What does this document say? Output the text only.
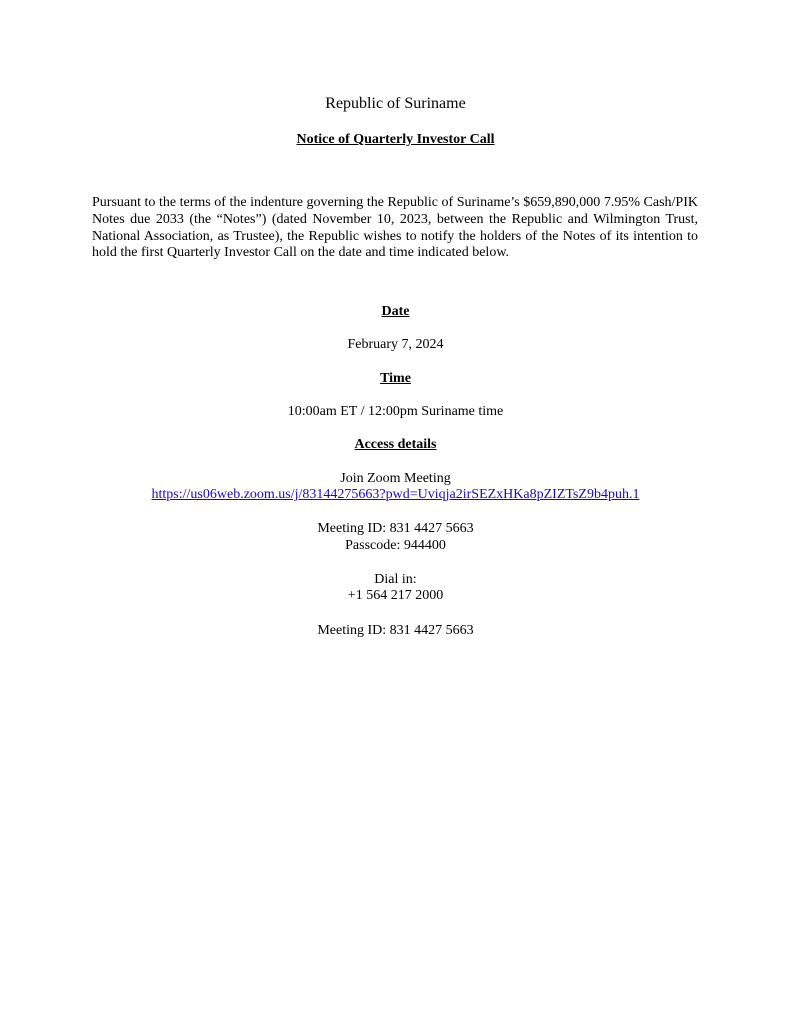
Republic of Suriname
Notice of Quarterly Investor Call
Pursuant to the terms of the indenture governing the Republic of Suriname’s $659,890,000 7.95% Cash/PIK Notes due 2033 (the “Notes”) (dated November 10, 2023, between the Republic and Wilmington Trust, National Association, as Trustee), the Republic wishes to notify the holders of the Notes of its intention to hold the first Quarterly Investor Call on the date and time indicated below.
Date
February 7, 2024
Time
10:00am ET / 12:00pm Suriname time
Access details
Join Zoom Meeting
https://us06web.zoom.us/j/83144275663?pwd=Uviqja2irSEZxHKa8pZIZTsZ9b4puh.1
Meeting ID: 831 4427 5663
Passcode: 944400
Dial in:
+1 564 217 2000
Meeting ID: 831 4427 5663
